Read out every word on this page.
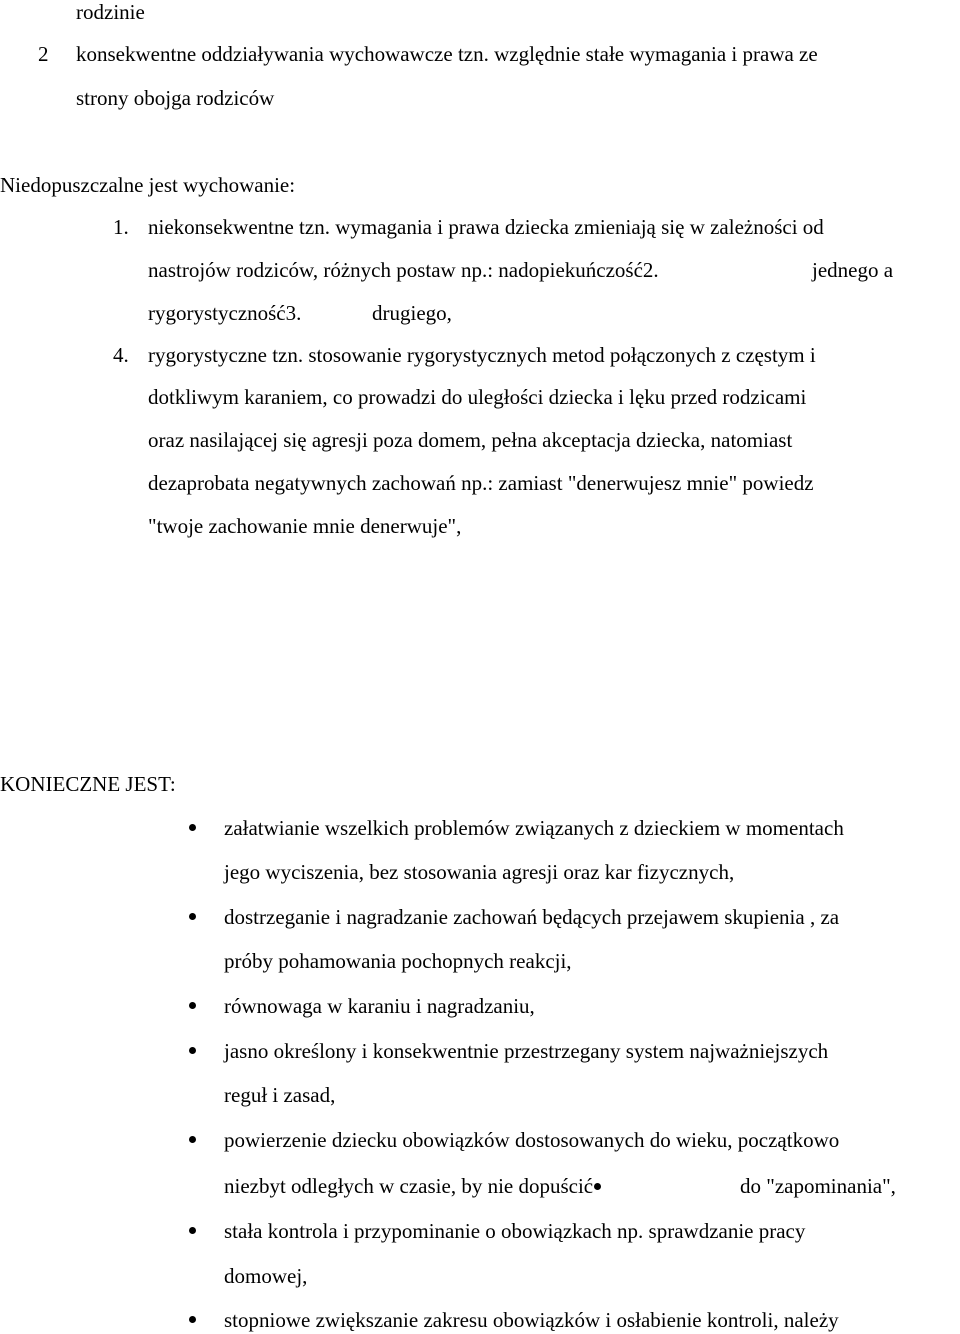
rodzinie
2 konsekwentne oddziaływania wychowawcze tzn. względnie stałe wymagania i prawa ze
strony obojga rodziców
Niedopuszczalne jest wychowanie:
1. niekonsekwentne tzn. wymagania i prawa dziecka zmieniają się w zależności od
nastrojów rodziców, różnych postaw np.: nadopiekuńczość2.	jednego a
rygorystyczność3.	drugiego,
4. rygorystyczne tzn. stosowanie rygorystycznych metod połączonych z częstym i
dotkliwym karaniem, co prowadzi do uległości dziecka i lęku przed rodzicami
oraz nasilającej się agresji poza domem, pełna akceptacja dziecka, natomiast
dezaprobata negatywnych zachowań np.: zamiast "denerwujesz mnie" powiedz
"twoje zachowanie mnie denerwuje",
KONIECZNE JEST:
załatwianie wszelkich problemów związanych z dzieckiem w momentach
jego wyciszenia, bez stosowania agresji oraz kar fizycznych,
dostrzeganie i nagradzanie zachowań będących przejawem skupienia , za
próby pohamowania pochopnych reakcji,
równowaga w karaniu i nagradzaniu,
jasno określony i konsekwentnie przestrzegany system najważniejszych
reguł i zasad,
powierzenie dziecku obowiązków dostosowanych do wieku, początkowo
niezbyt odległych w czasie, by nie dopuścić	do "zapominania",
stała kontrola i przypominanie o obowiązkach np. sprawdzanie pracy
domowej,
stopniowe zwiększanie zakresu obowiązków i osłabienie kontroli, należy
